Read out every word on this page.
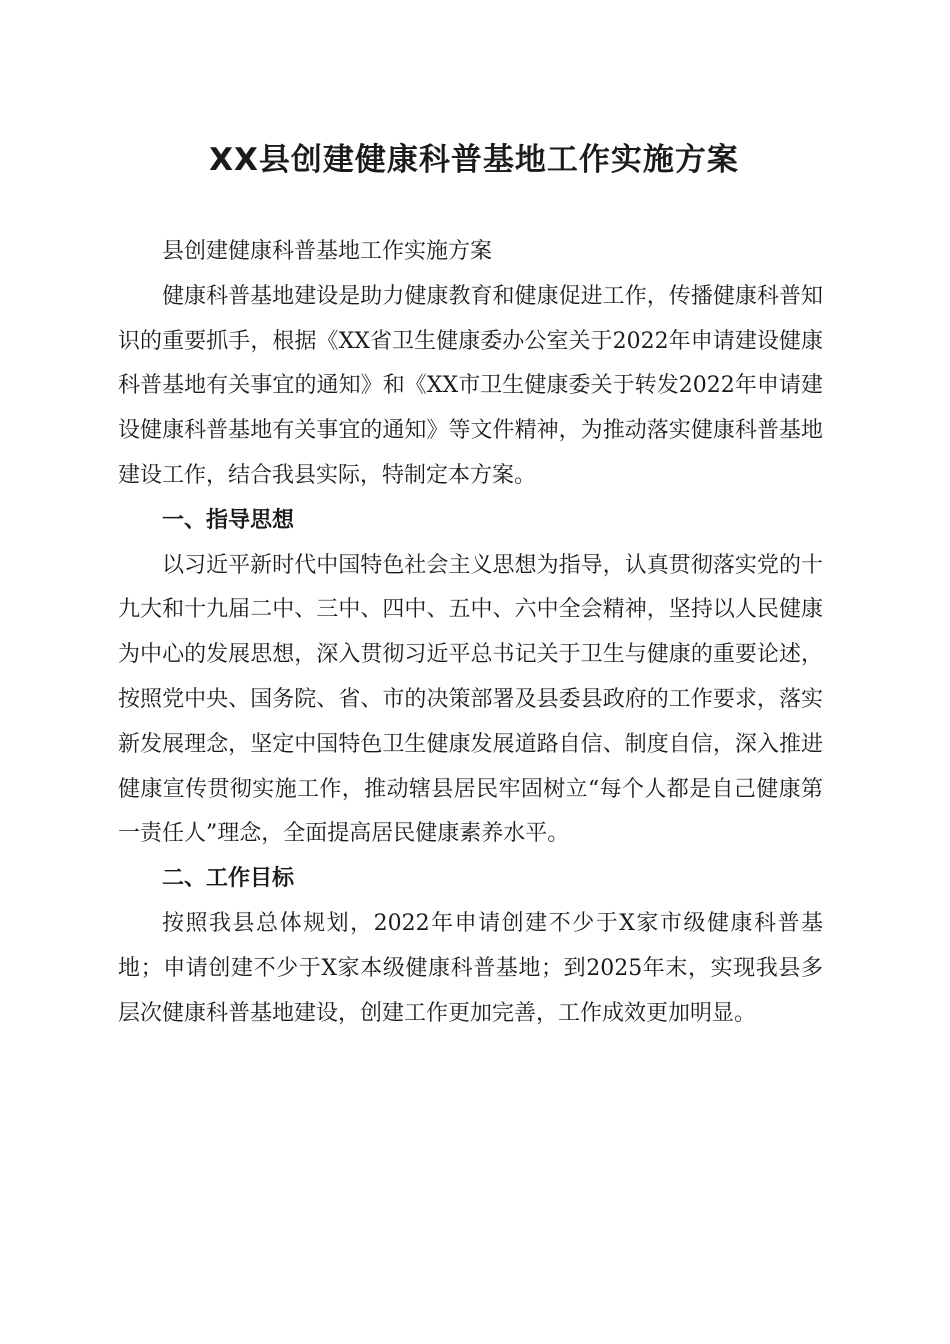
XX县创建健康科普基地工作实施方案

县创建健康科普基地工作实施方案

健康科普基地建设是助力健康教育和健康促进工作，传播健康科普知识的重要抓手，根据《XX省卫生健康委办公室关于2022年申请建设健康科普基地有关事宜的通知》和《XX市卫生健康委关于转发2022年申请建设健康科普基地有关事宜的通知》等文件精神，为推动落实健康科普基地建设工作，结合我县实际，特制定本方案。

一、指导思想

以习近平新时代中国特色社会主义思想为指导，认真贯彻落实党的十九大和十九届二中、三中、四中、五中、六中全会精神，坚持以人民健康为中心的发展思想，深入贯彻习近平总书记关于卫生与健康的重要论述，按照党中央、国务院、省、市的决策部署及县委县政府的工作要求，落实新发展理念，坚定中国特色卫生健康发展道路自信、制度自信，深入推进健康宣传贯彻实施工作，推动辖县居民牢固树立“每个人都是自己健康第一责任人”理念，全面提高居民健康素养水平。

二、工作目标

按照我县总体规划，2022年申请创建不少于X家市级健康科普基地；申请创建不少于X家本级健康科普基地；到2025年末，实现我县多层次健康科普基地建设，创建工作更加完善，工作成效更加明显。
